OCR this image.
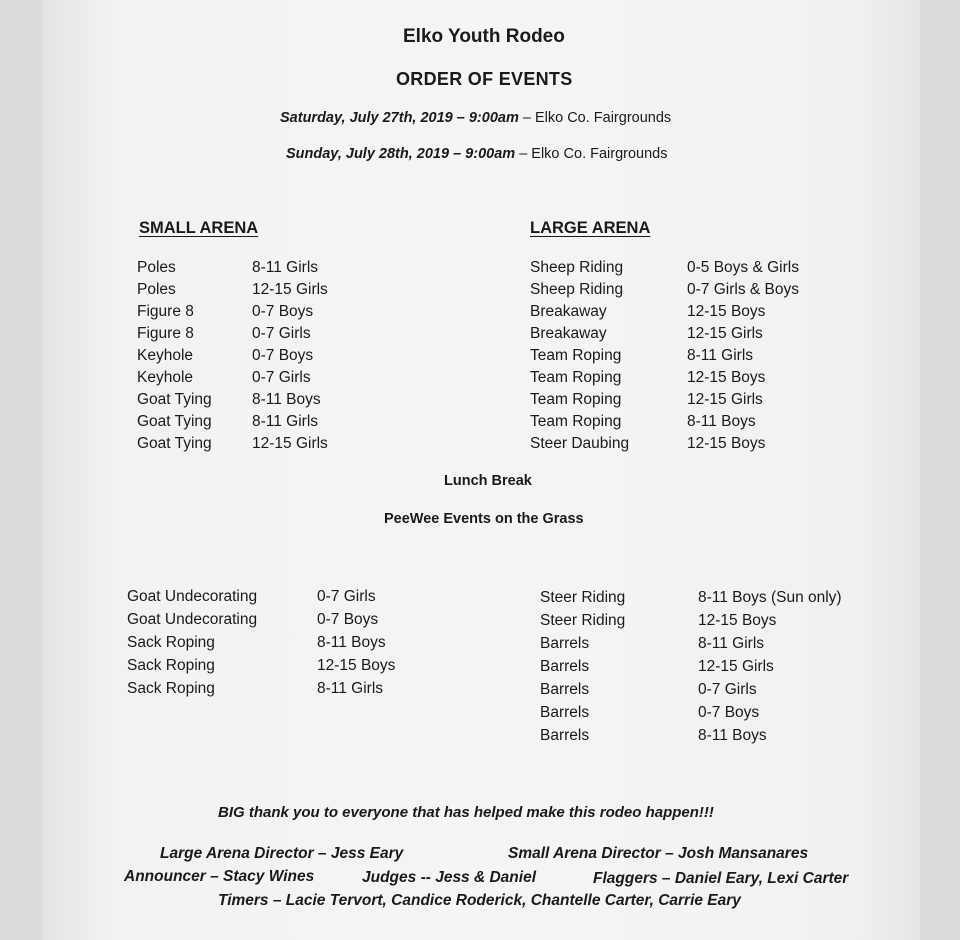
Elko Youth Rodeo
ORDER OF EVENTS
Saturday, July 27th, 2019 – 9:00am – Elko Co. Fairgrounds
Sunday, July 28th, 2019 – 9:00am – Elko Co. Fairgrounds
SMALL ARENA	LARGE ARENA
Poles	8-11 Girls
Poles	12-15 Girls
Figure 8	0-7 Boys
Figure 8	0-7 Girls
Keyhole	0-7 Boys
Keyhole	0-7 Girls
Goat Tying	8-11 Boys
Goat Tying	8-11 Girls
Goat Tying	12-15 Girls
Sheep Riding	0-5 Boys & Girls
Sheep Riding	0-7 Girls & Boys
Breakaway	12-15 Boys
Breakaway	12-15 Girls
Team Roping	8-11 Girls
Team Roping	12-15 Boys
Team Roping	12-15 Girls
Team Roping	8-11 Boys
Steer Daubing	12-15 Boys
Lunch Break
PeeWee Events on the Grass
Goat Undecorating	0-7 Girls
Goat Undecorating	0-7 Boys
Sack Roping	8-11 Boys
Sack Roping	12-15 Boys
Sack Roping	8-11 Girls
Steer Riding	8-11 Boys (Sun only)
Steer Riding	12-15 Boys
Barrels	8-11 Girls
Barrels	12-15 Girls
Barrels	0-7 Girls
Barrels	0-7 Boys
Barrels	8-11 Boys
BIG thank you to everyone that has helped make this rodeo happen!!!
Large Arena Director – Jess Eary	Small Arena Director – Josh Mansanares
Announcer – Stacy Wines	Judges -- Jess & Daniel	Flaggers – Daniel Eary, Lexi Carter
Timers – Lacie Tervort, Candice Roderick, Chantelle Carter, Carrie Eary
